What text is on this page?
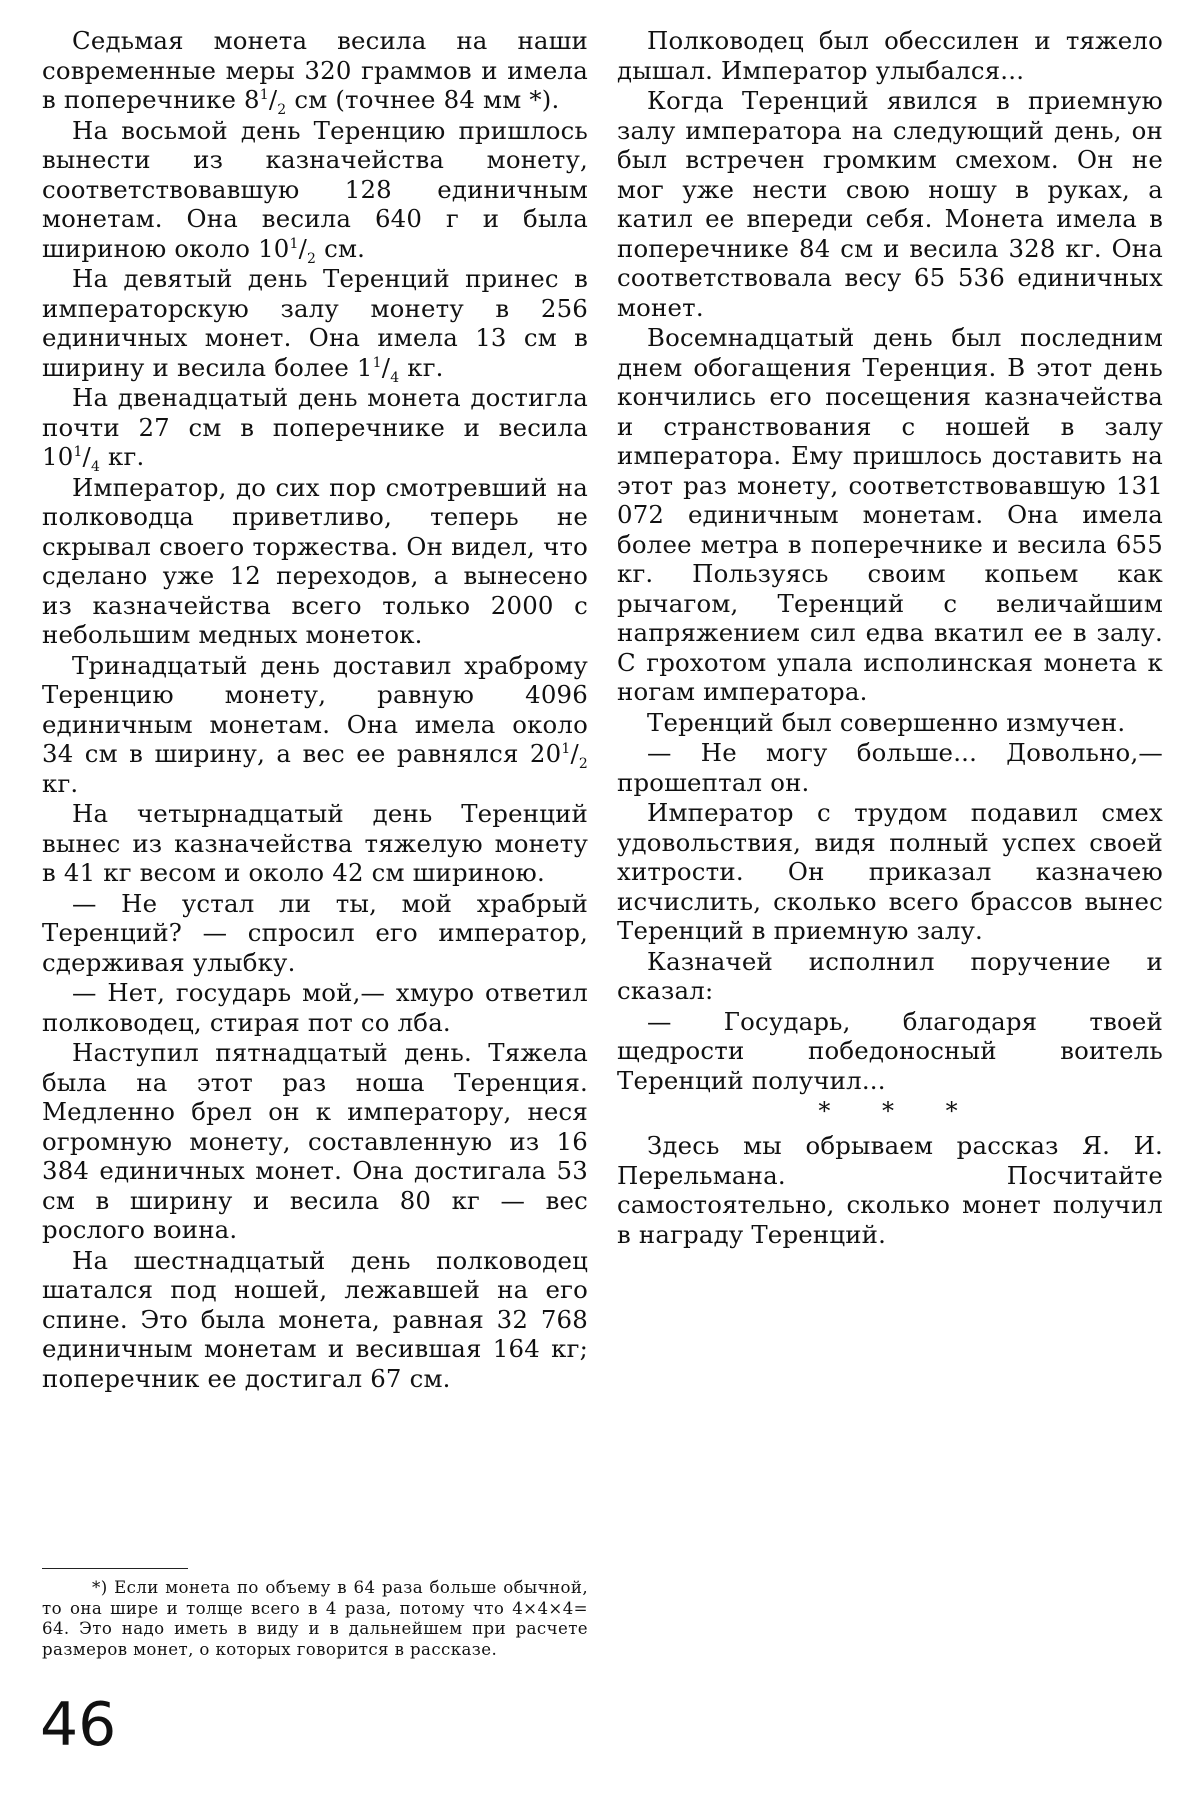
Седьмая монета весила на наши современные меры 320 граммов и имела в поперечнике $8^1/_2$ см (точнее 84 мм *).

На восьмой день Теренцию пришлось вынести из казначейства монету, соответствовавшую 128 единичным монетам. Она весила 640 г и была шириною около $10^1/_2$ см.

На девятый день Теренций принес в императорскую залу монету в 256 единичных монет. Она имела 13 см в ширину и весила более $1^1/_4$ кг.

На двенадцатый день монета достигла почти 27 см в поперечнике и весила $10^1/_4$ кг.

Император, до сих пор смотревший на полководца приветливо, теперь не скрывал своего торжества. Он видел, что сделано уже 12 переходов, а вынесено из казначейства всего только 2000 с небольшим медных монеток.

Тринадцатый день доставил храброму Теренцию монету, равную 4096 единичным монетам. Она имела около 34 см в ширину, а вес ее равнялся $20^1/_2$ кг.

На четырнадцатый день Теренций вынес из казначейства тяжелую монету в 41 кг весом и около 42 см шириною.

— Не устал ли ты, мой храбрый Теренций? — спросил его император, сдерживая улыбку.

— Нет, государь мой,— хмуро ответил полководец, стирая пот со лба.

Наступил пятнадцатый день. Тяжела была на этот раз ноша Теренция. Медленно брел он к императору, неся огромную монету, составленную из 16 384 единичных монет. Она достигала 53 см в ширину и весила 80 кг — вес рослого воина.

На шестнадцатый день полководец шатался под ношей, лежавшей на его спине. Это была монета, равная 32 768 единичным монетам и весившая 164 кг; поперечник ее достигал 67 см.

Полководец был обессилен и тяжело дышал. Император улыбался...

Когда Теренций явился в приемную залу императора на следующий день, он был встречен громким смехом. Он не мог уже нести свою ношу в руках, а катил ее впереди себя. Монета имела в поперечнике 84 см и весила 328 кг. Она соответствовала весу 65 536 единичных монет.

Восемнадцатый день был последним днем обогащения Теренция. В этот день кончились его посещения казначейства и странствования с ношей в залу императора. Ему пришлось доставить на этот раз монету, соответствовавшую 131 072 единичным монетам. Она имела более метра в поперечнике и весила 655 кг. Пользуясь своим копьем как рычагом, Теренций с величайшим напряжением сил едва вкатил ее в залу. С грохотом упала исполинская монета к ногам императора.

Теренций был совершенно измучен.

— Не могу больше... Довольно,— прошептал он.

Император с трудом подавил смех удовольствия, видя полный успех своей хитрости. Он приказал казначею исчислить, сколько всего брассов вынес Теренций в приемную залу.

Казначей исполнил поручение и сказал:

— Государь, благодаря твоей щедрости победоносный воитель Теренций получил...

* * *

Здесь мы обрываем рассказ Я. И. Перельмана. Посчитайте самостоятельно, сколько монет получил в награду Теренций.

*) Если монета по объему в 64 раза больше обычной, то она шире и толще всего в 4 раза, потому что 4×4×4= 64. Это надо иметь в виду и в дальнейшем при расчете размеров монет, о которых говорится в рассказе.
46
